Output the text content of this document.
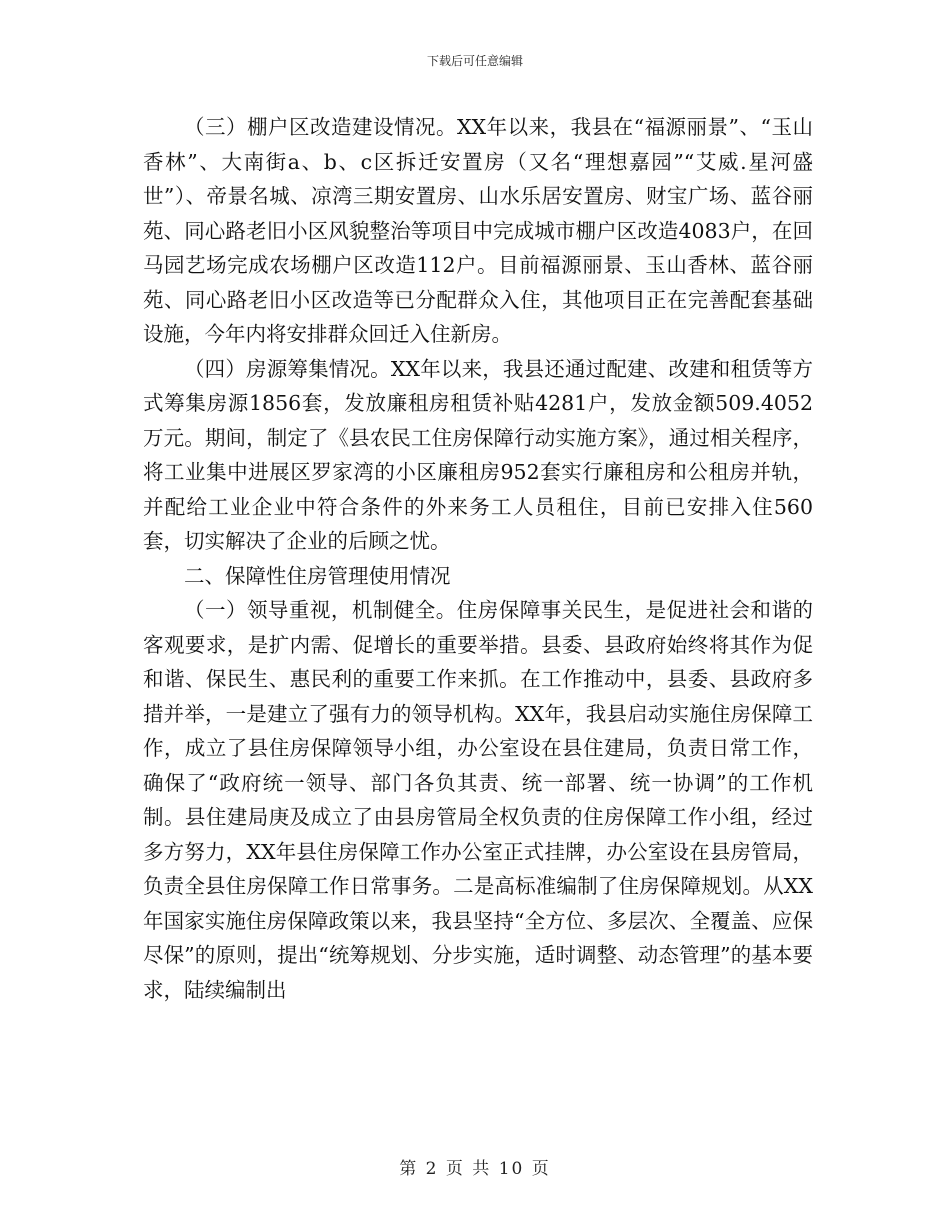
下载后可任意编辑

（三）棚户区改造建设情况。XX年以来，我县在“福源丽景”、“玉山香林”、大南街a、b、c区拆迁安置房（又名“理想嘉园”“艾威.星河盛世”）、帝景名城、凉湾三期安置房、山水乐居安置房、财宝广场、蓝谷丽苑、同心路老旧小区风貌整治等项目中完成城市棚户区改造4083户，在回马园艺场完成农场棚户区改造112户。目前福源丽景、玉山香林、蓝谷丽苑、同心路老旧小区改造等已分配群众入住，其他项目正在完善配套基础设施，今年内将安排群众回迁入住新房。

（四）房源筹集情况。XX年以来，我县还通过配建、改建和租赁等方式筹集房源1856套，发放廉租房租赁补贴4281户，发放金额509.4052万元。期间，制定了《县农民工住房保障行动实施方案》，通过相关程序，将工业集中进展区罗家湾的小区廉租房952套实行廉租房和公租房并轨，并配给工业企业中符合条件的外来务工人员租住，目前已安排入住560套，切实解决了企业的后顾之忧。

二、保障性住房管理使用情况

（一）领导重视，机制健全。住房保障事关民生，是促进社会和谐的客观要求，是扩内需、促增长的重要举措。县委、县政府始终将其作为促和谐、保民生、惠民利的重要工作来抓。在工作推动中，县委、县政府多措并举，一是建立了强有力的领导机构。XX年，我县启动实施住房保障工作，成立了县住房保障领导小组，办公室设在县住建局，负责日常工作，确保了“政府统一领导、部门各负其责、统一部署、统一协调”的工作机制。县住建局庚及成立了由县房管局全权负责的住房保障工作小组，经过多方努力，XX年县住房保障工作办公室正式挂牌，办公室设在县房管局，负责全县住房保障工作日常事务。二是高标准编制了住房保障规划。从XX年国家实施住房保障政策以来，我县坚持“全方位、多层次、全覆盖、应保尽保”的原则，提出“统筹规划、分步实施，适时调整、动态管理”的基本要求，陆续编制出

第 2 页 共 10 页
